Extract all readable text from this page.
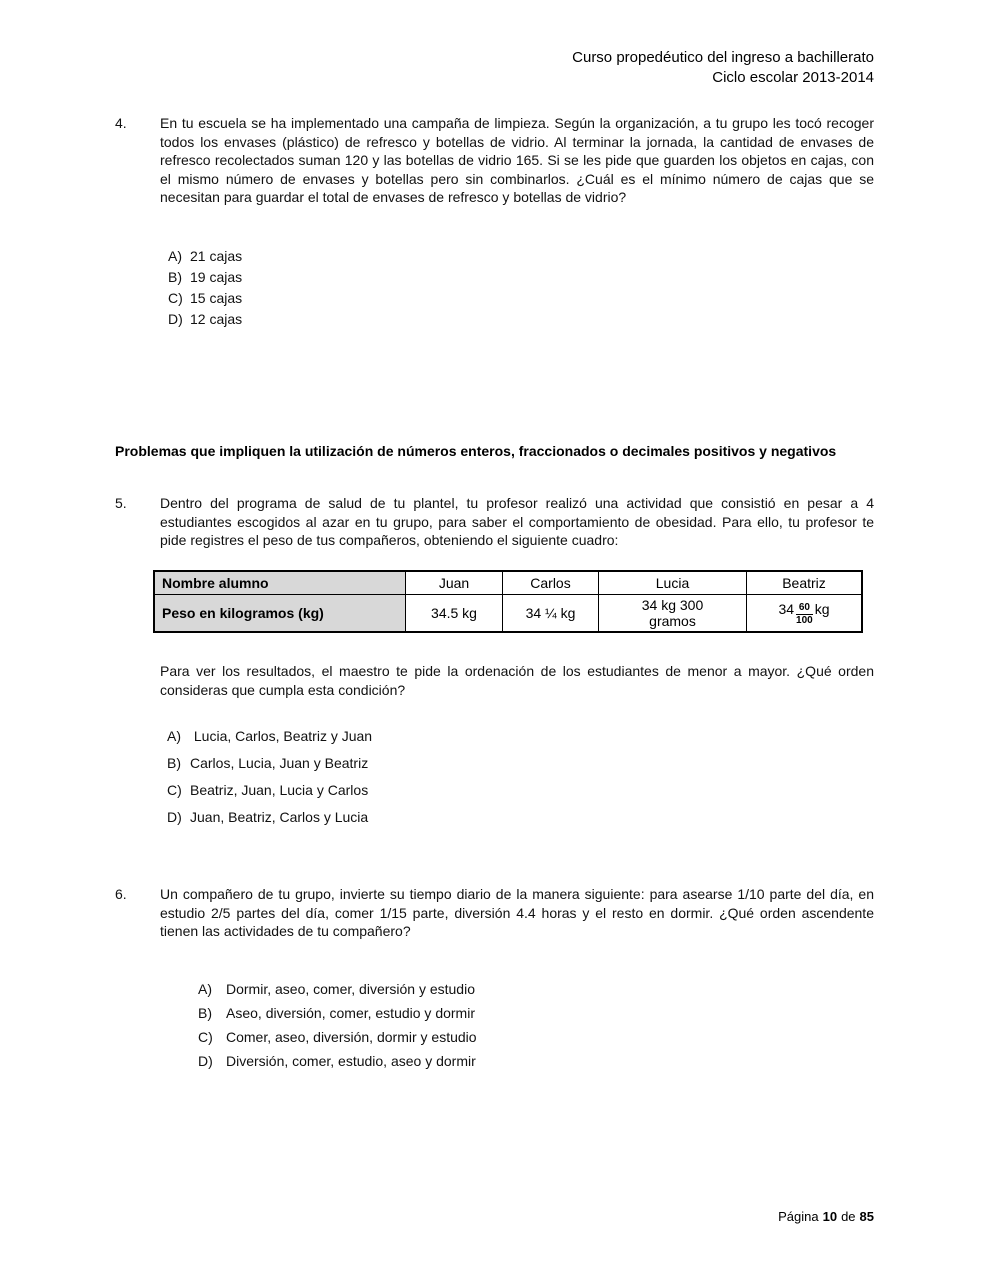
Curso propedéutico del ingreso a bachillerato
Ciclo escolar 2013-2014
4. En tu escuela se ha implementado una campaña de limpieza. Según la organización, a tu grupo les tocó recoger todos los envases (plástico) de refresco y botellas de vidrio. Al terminar la jornada, la cantidad de envases de refresco recolectados suman 120 y las botellas de vidrio 165. Si se les pide que guarden los objetos en cajas, con el mismo número de envases y botellas pero sin combinarlos. ¿Cuál es el mínimo número de cajas que se necesitan para guardar el total de envases de refresco y botellas de vidrio?
A) 21 cajas
B) 19 cajas
C) 15 cajas
D) 12 cajas
Problemas que impliquen la utilización de números enteros, fraccionados o decimales positivos y negativos
5. Dentro del programa de salud de tu plantel, tu profesor realizó una actividad que consistió en pesar a 4 estudiantes escogidos al azar en tu grupo, para saber el comportamiento de obesidad. Para ello, tu profesor te pide registres el peso de tus compañeros, obteniendo el siguiente cuadro:
Nombre alumno	Juan	Carlos	Lucia	Beatriz
Peso en kilogramos (kg)	34.5 kg	34 ¼ kg	34 kg 300 gramos	$34 \frac{60}{100}$ kg
Para ver los resultados, el maestro te pide la ordenación de los estudiantes de menor a mayor. ¿Qué orden consideras que cumpla esta condición?
A) Lucia, Carlos, Beatriz y Juan
B) Carlos, Lucia, Juan y Beatriz
C) Beatriz, Juan, Lucia y Carlos
D) Juan, Beatriz, Carlos y Lucia
6. Un compañero de tu grupo, invierte su tiempo diario de la manera siguiente: para asearse 1/10 parte del día, en estudio 2/5 partes del día, comer 1/15 parte, diversión 4.4 horas y el resto en dormir. ¿Qué orden ascendente tienen las actividades de tu compañero?
A) Dormir, aseo, comer, diversión y estudio
B) Aseo, diversión, comer, estudio y dormir
C) Comer, aseo, diversión, dormir y estudio
D) Diversión, comer, estudio, aseo y dormir
Página 10 de 85
